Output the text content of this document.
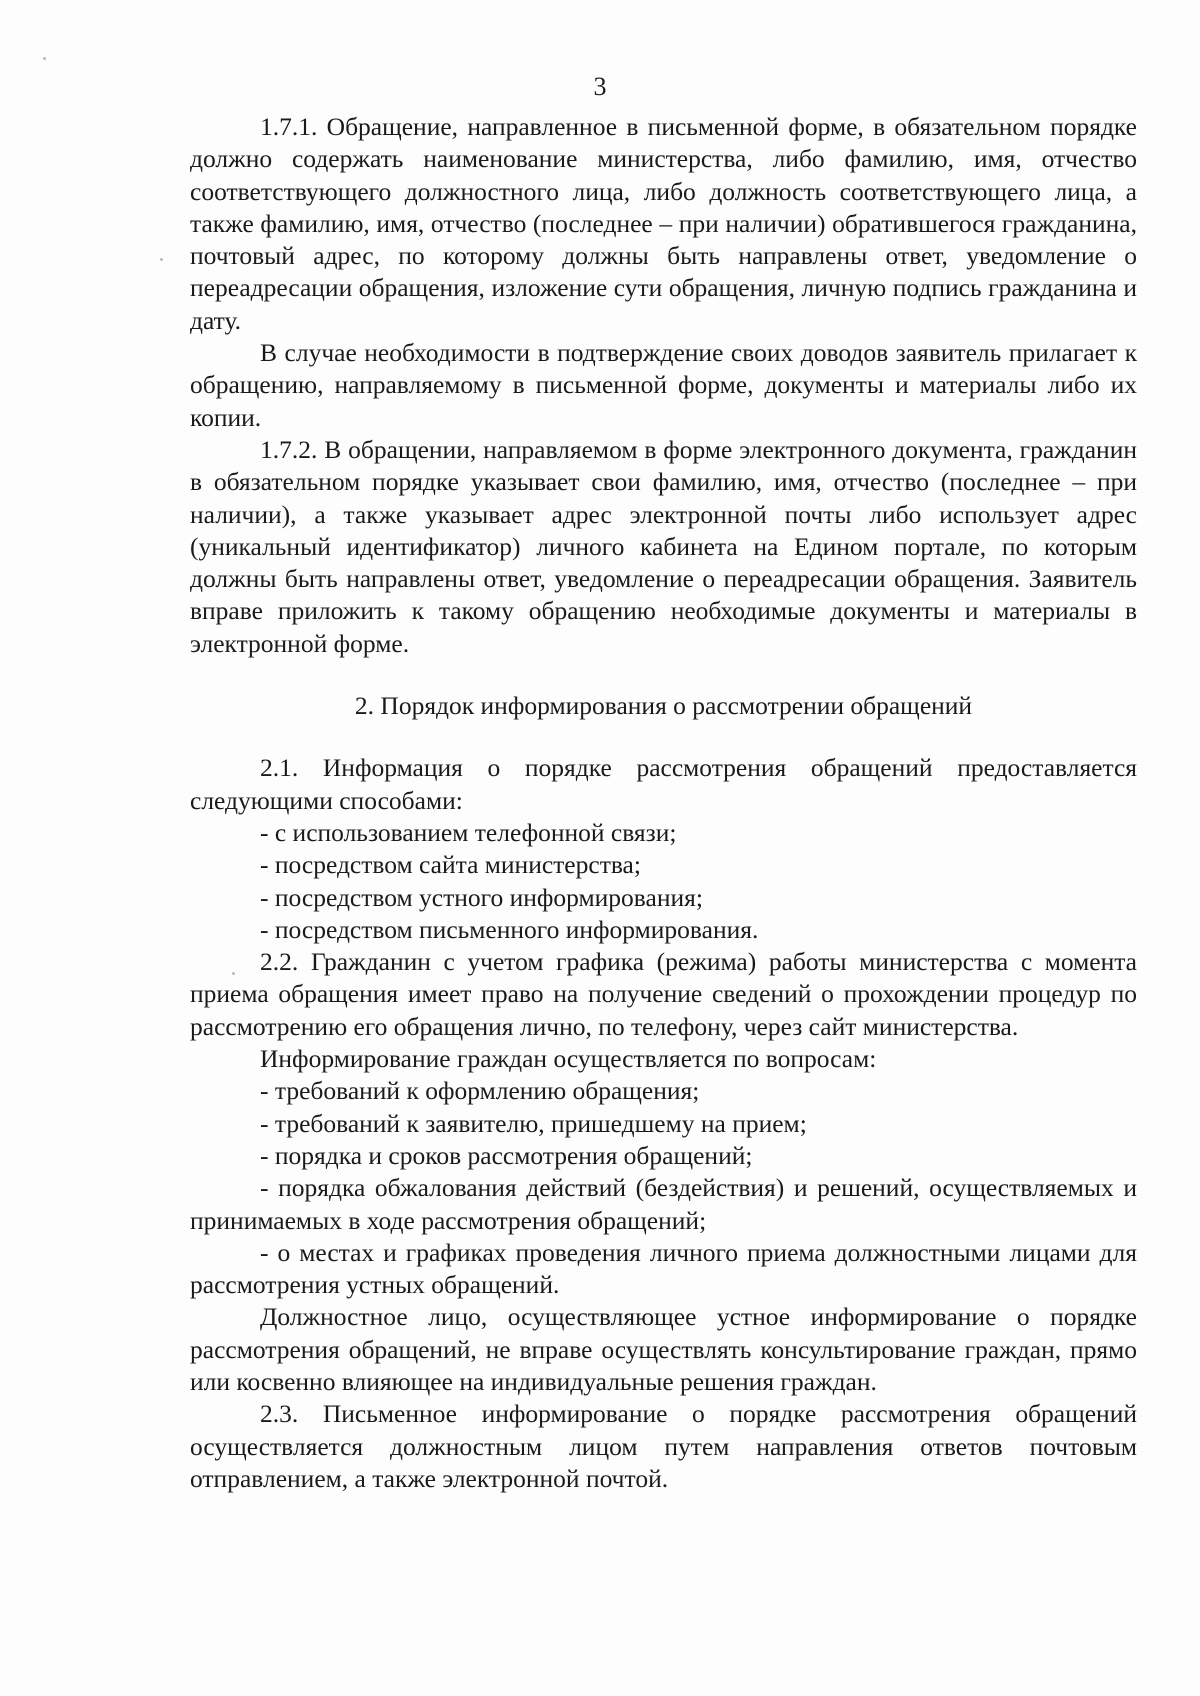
3

1.7.1. Обращение, направленное в письменной форме, в обязательном порядке должно содержать наименование министерства, либо фамилию, имя, отчество соответствующего должностного лица, либо должность соответствующего лица, а также фамилию, имя, отчество (последнее – при наличии) обратившегося гражданина, почтовый адрес, по которому должны быть направлены ответ, уведомление о переадресации обращения, изложение сути обращения, личную подпись гражданина и дату.

В случае необходимости в подтверждение своих доводов заявитель прилагает к обращению, направляемому в письменной форме, документы и материалы либо их копии.

1.7.2. В обращении, направляемом в форме электронного документа, гражданин в обязательном порядке указывает свои фамилию, имя, отчество (последнее – при наличии), а также указывает адрес электронной почты либо использует адрес (уникальный идентификатор) личного кабинета на Едином портале, по которым должны быть направлены ответ, уведомление о переадресации обращения. Заявитель вправе приложить к такому обращению необходимые документы и материалы в электронной форме.

2. Порядок информирования о рассмотрении обращений

2.1. Информация о порядке рассмотрения обращений предоставляется следующими способами:

- с использованием телефонной связи;

- посредством сайта министерства;

- посредством устного информирования;

- посредством письменного информирования.

2.2. Гражданин с учетом графика (режима) работы министерства с момента приема обращения имеет право на получение сведений о прохождении процедур по рассмотрению его обращения лично, по телефону, через сайт министерства.

Информирование граждан осуществляется по вопросам:

- требований к оформлению обращения;

- требований к заявителю, пришедшему на прием;

- порядка и сроков рассмотрения обращений;

- порядка обжалования действий (бездействия) и решений, осуществляемых и принимаемых в ходе рассмотрения обращений;

- о местах и графиках проведения личного приема должностными лицами для рассмотрения устных обращений.

Должностное лицо, осуществляющее устное информирование о порядке рассмотрения обращений, не вправе осуществлять консультирование граждан, прямо или косвенно влияющее на индивидуальные решения граждан.

2.3. Письменное информирование о порядке рассмотрения обращений осуществляется должностным лицом путем направления ответов почтовым отправлением, а также электронной почтой.
